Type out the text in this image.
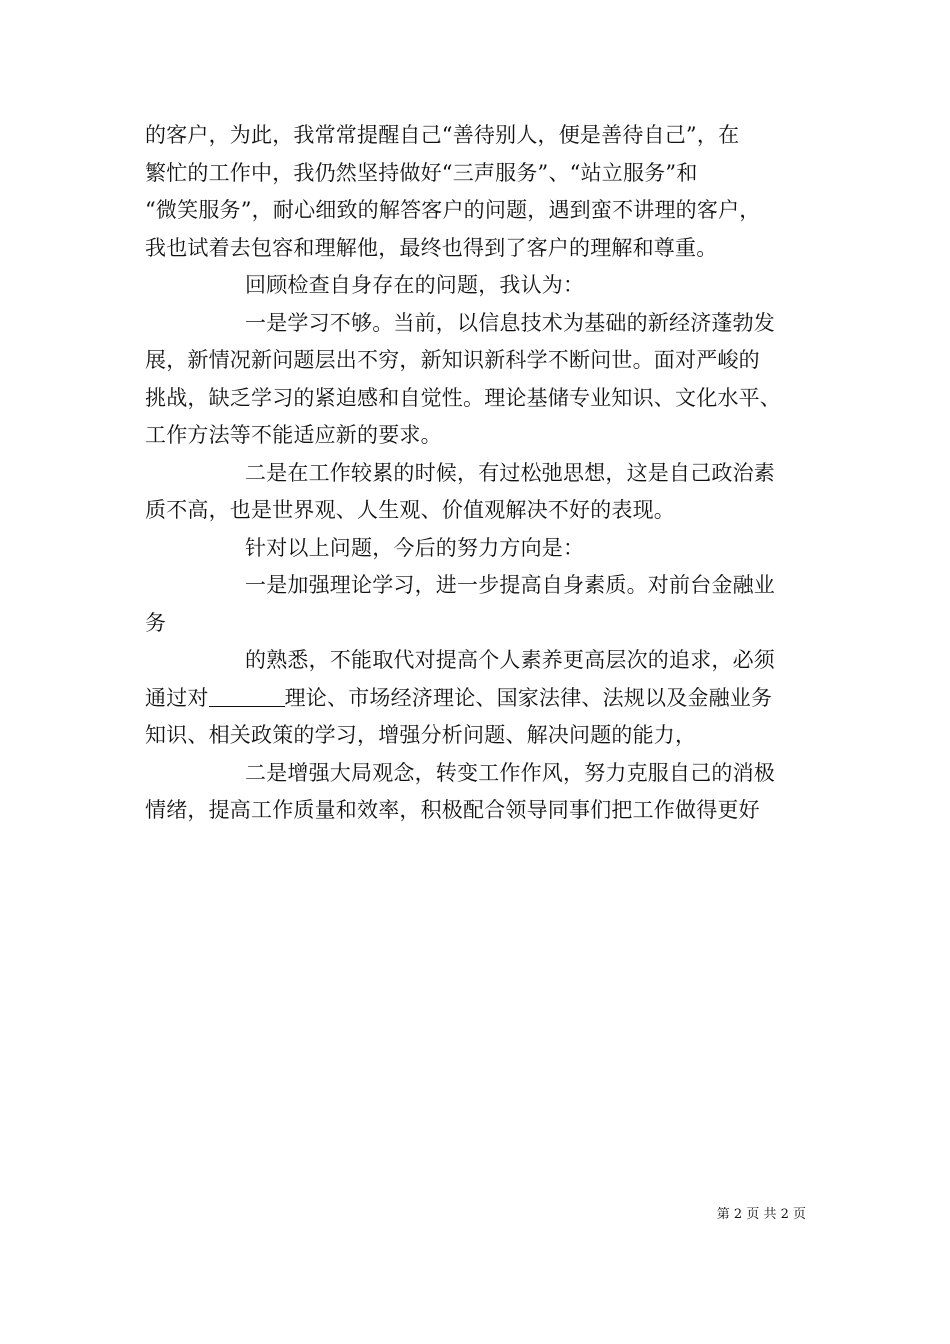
的客户，为此，我常常提醒自己“善待别人，便是善待自己”，在
繁忙的工作中，我仍然坚持做好“三声服务”、“站立服务”和
“微笑服务”，耐心细致的解答客户的问题，遇到蛮不讲理的客户，
我也试着去包容和理解他，最终也得到了客户的理解和尊重。
回顾检查自身存在的问题，我认为：
一是学习不够。当前，以信息技术为基础的新经济蓬勃发
展，新情况新问题层出不穷，新知识新科学不断问世。面对严峻的
挑战，缺乏学习的紧迫感和自觉性。理论基储专业知识、文化水平、
工作方法等不能适应新的要求。
二是在工作较累的时候，有过松弛思想，这是自己政治素
质不高，也是世界观、人生观、价值观解决不好的表现。
针对以上问题，今后的努力方向是：
一是加强理论学习，进一步提高自身素质。对前台金融业
务
的熟悉，不能取代对提高个人素养更高层次的追求，必须
通过对	理论、市场经济理论、国家法律、法规以及金融业务
知识、相关政策的学习，增强分析问题、解决问题的能力，
二是增强大局观念，转变工作作风，努力克服自己的消极
情绪，提高工作质量和效率，积极配合领导同事们把工作做得更好
第 2 页 共 2 页
